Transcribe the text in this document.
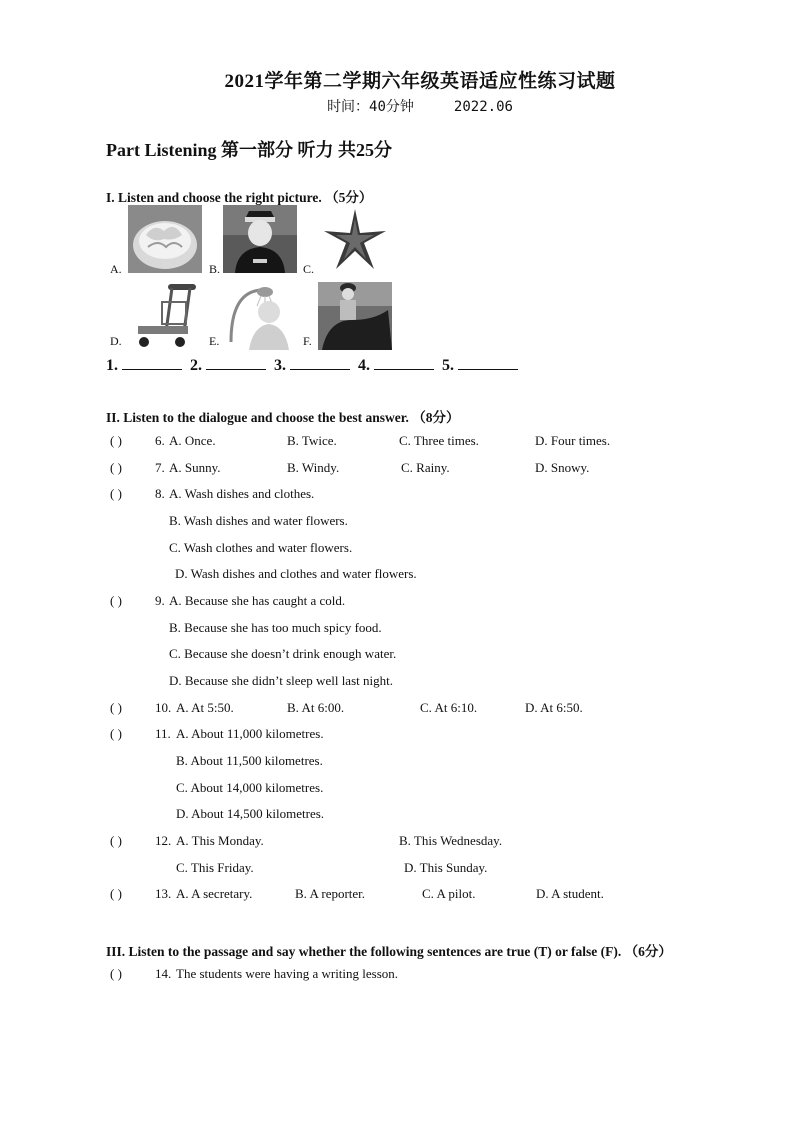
2021学年第二学期六年级英语适应性练习试题
时间：40分钟	2022.06
Part Listening 第一部分 听力 共25分
I. Listen and choose the right picture. （5分）
A.	B.	C.
D.	E.	F.
1.	2.	3.	4.	5.
II. Listen to the dialogue and choose the best answer. （8分）
( )	6. A. Once.	B. Twice.	C. Three times.	D. Four times.
( )	7. A. Sunny.	B. Windy.	C. Rainy.	D. Snowy.
( )	8. A. Wash dishes and clothes.
B. Wash dishes and water flowers.
C. Wash clothes and water flowers.
D. Wash dishes and clothes and water flowers.
( )	9. A. Because she has caught a cold.
B. Because she has too much spicy food.
C. Because she doesn’t drink enough water.
D. Because she didn’t sleep well last night.
( )	10. A. At 5:50.	B. At 6:00.	C. At 6:10.	D. At 6:50.
( )	11. A. About 11,000 kilometres.
B. About 11,500 kilometres.
C. About 14,000 kilometres.
D. About 14,500 kilometres.
( )	12. A. This Monday.	B. This Wednesday.
C. This Friday.	D. This Sunday.
( )	13. A. A secretary.	B. A reporter.	C. A pilot.	D. A student.
III. Listen to the passage and say whether the following sentences are true (T) or false (F). （6分）
( )	14. The students were having a writing lesson.
